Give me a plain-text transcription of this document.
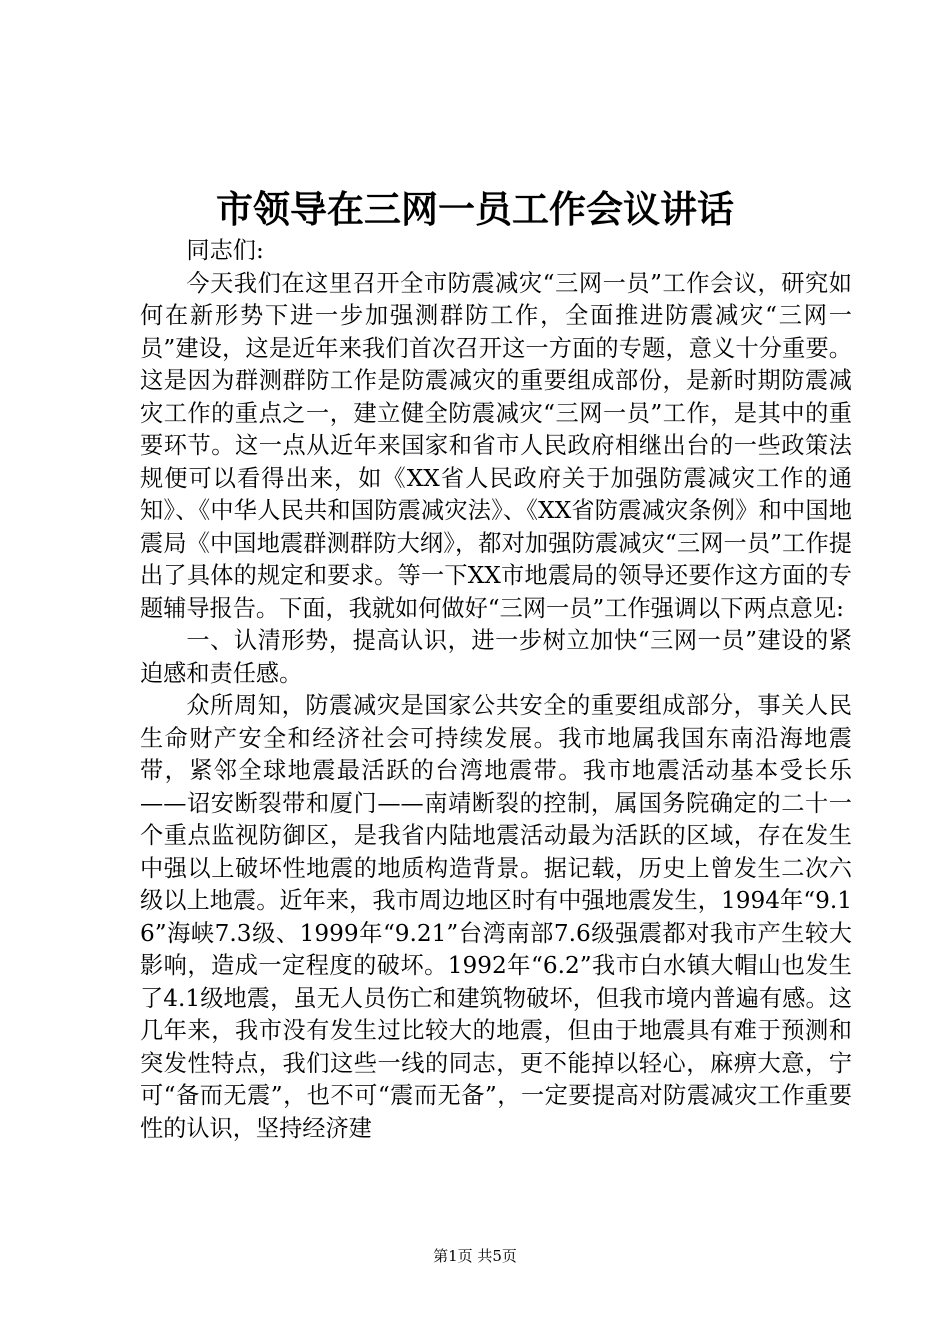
市领导在三网一员工作会议讲话

同志们:

今天我们在这里召开全市防震减灾“三网一员”工作会议，研究如何在新形势下进一步加强测群防工作，全面推进防震减灾“三网一员”建设，这是近年来我们首次召开这一方面的专题，意义十分重要。这是因为群测群防工作是防震减灾的重要组成部份，是新时期防震减灾工作的重点之一，建立健全防震减灾“三网一员”工作，是其中的重要环节。这一点从近年来国家和省市人民政府相继出台的一些政策法规便可以看得出来，如《XX省人民政府关于加强防震减灾工作的通知》、《中华人民共和国防震减灾法》、《XX省防震减灾条例》和中国地震局《中国地震群测群防大纲》，都对加强防震减灾“三网一员”工作提出了具体的规定和要求。等一下XX市地震局的领导还要作这方面的专题辅导报告。下面，我就如何做好“三网一员”工作强调以下两点意见:

一、认清形势，提高认识，进一步树立加快“三网一员”建设的紧迫感和责任感。

众所周知，防震减灾是国家公共安全的重要组成部分，事关人民生命财产安全和经济社会可持续发展。我市地属我国东南沿海地震带，紧邻全球地震最活跃的台湾地震带。我市地震活动基本受长乐——诏安断裂带和厦门——南靖断裂的控制，属国务院确定的二十一个重点监视防御区，是我省内陆地震活动最为活跃的区域，存在发生中强以上破坏性地震的地质构造背景。据记载，历史上曾发生二次六级以上地震。近年来，我市周边地区时有中强地震发生，1994年“9.16”海峡7.3级、1999年“9.21”台湾南部7.6级强震都对我市产生较大影响，造成一定程度的破坏。1992年“6.2”我市白水镇大帽山也发生了4.1级地震，虽无人员伤亡和建筑物破坏，但我市境内普遍有感。这几年来，我市没有发生过比较大的地震，但由于地震具有难于预测和突发性特点，我们这些一线的同志，更不能掉以轻心，麻痹大意，宁可“备而无震”，也不可“震而无备”，一定要提高对防震减灾工作重要性的认识，坚持经济建

第1页 共5页
